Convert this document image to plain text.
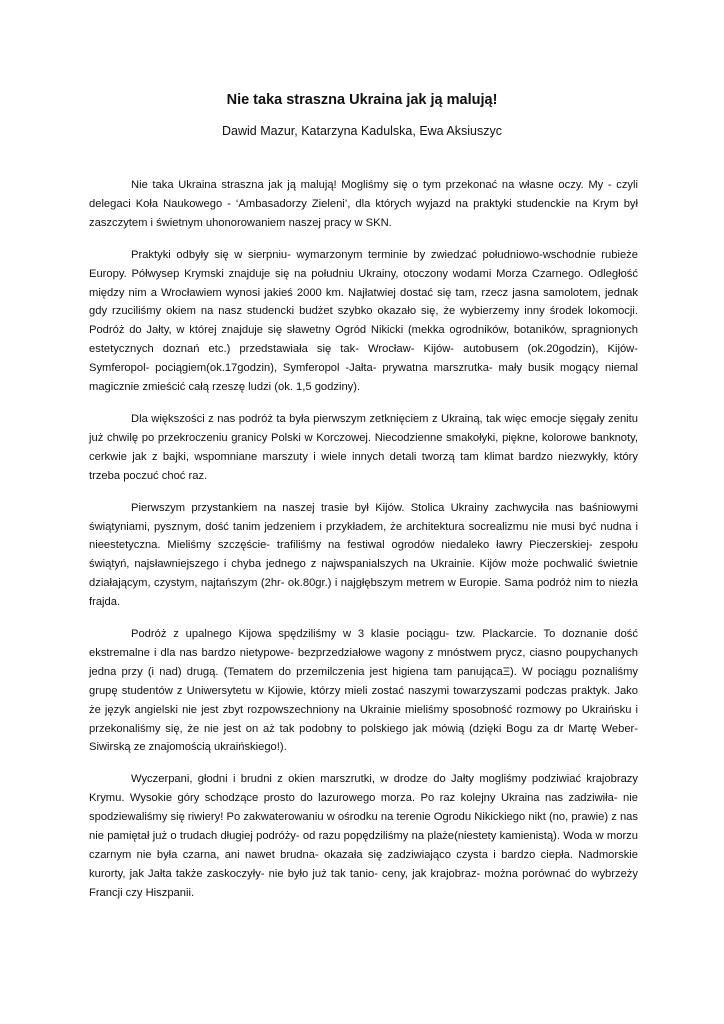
Nie taka straszna Ukraina jak ją malują!
Dawid Mazur, Katarzyna Kadulska, Ewa Aksiuszyc

Nie taka Ukraina straszna jak ją malują! Mogliśmy się o tym przekonać na własne oczy. My - czyli delegaci Koła Naukowego - ‘Ambasadorzy Zieleni’, dla których wyjazd na praktyki studenckie na Krym był zaszczytem i świetnym uhonorowaniem naszej pracy w SKN.

Praktyki odbyły się w sierpniu- wymarzonym terminie by zwiedzać południowo-wschodnie rubieże Europy. Półwysep Krymski znajduje się na południu Ukrainy, otoczony wodami Morza Czarnego. Odległość między nim a Wrocławiem wynosi jakieś 2000 km. Najłatwiej dostać się tam, rzecz jasna samolotem, jednak gdy rzuciliśmy okiem na nasz studencki budżet szybko okazało się, że wybierzemy inny środek lokomocji. Podróż do Jałty, w której znajduje się sławetny Ogród Nikicki (mekka ogrodników, botaników, spragnionych estetycznych doznań etc.) przedstawiała się tak- Wrocław- Kijów- autobusem (ok.20godzin), Kijów- Symferopol- pociągiem(ok.17godzin), Symferopol -Jałta- prywatna marszrutka- mały busik mogący niemal magicznie zmieścić całą rzeszę ludzi (ok. 1,5 godziny).

Dla większości z nas podróż ta była pierwszym zetknięciem z Ukrainą, tak więc emocje sięgały zenitu już chwilę po przekroczeniu granicy Polski w Korczowej. Niecodzienne smakołyki, piękne, kolorowe banknoty, cerkwie jak z bajki, wspomniane marszuty i wiele innych detali tworzą tam klimat bardzo niezwykły, który trzeba poczuć choć raz.

Pierwszym przystankiem na naszej trasie był Kijów. Stolica Ukrainy zachwyciła nas baśniowymi świątyniami, pysznym, dość tanim jedzeniem i przykładem, że architektura socrealizmu nie musi być nudna i nieestetyczna. Mieliśmy szczęście- trafiliśmy na festiwal ogrodów niedaleko ławry Pieczerskiej- zespołu świątyń, najsławniejszego i chyba jednego z najwspanialszych na Ukrainie. Kijów może pochwalić świetnie działającym, czystym, najtańszym (2hr- ok.80gr.) i najgłębszym metrem w Europie. Sama podróż nim to niezła frajda.

Podróż z upalnego Kijowa spędziliśmy w 3 klasie pociągu- tzw. Plackarcie. To doznanie dość ekstremalne i dla nas bardzo nietypowe- bezprzedziałowe wagony z mnóstwem prycz, ciasno poupychanych jedna przy (i nad) drugą. (Tematem do przemilczenia jest higiena tam panującaΞ). W pociągu poznaliśmy grupę studentów z Uniwersytetu w Kijowie, którzy mieli zostać naszymi towarzyszami podczas praktyk. Jako że język angielski nie jest zbyt rozpowszechniony na Ukrainie mieliśmy sposobność rozmowy po Ukraińsku i przekonaliśmy się, że nie jest on aż tak podobny to polskiego jak mówią (dzięki Bogu za dr Martę Weber- Siwirską ze znajomością ukraińskiego!).

Wyczerpani, głodni i brudni z okien marszrutki, w drodze do Jałty mogliśmy podziwiać krajobrazy Krymu. Wysokie góry schodzące prosto do lazurowego morza. Po raz kolejny Ukraina nas zadziwiła- nie spodziewaliśmy się riwiery! Po zakwaterowaniu w ośrodku na terenie Ogrodu Nikickiego nikt (no, prawie) z nas nie pamiętał już o trudach długiej podróży- od razu popędziliśmy na plaże(niestety kamienistą). Woda w morzu czarnym nie była czarna, ani nawet brudna- okazała się zadziwiająco czysta i bardzo ciepła. Nadmorskie kurorty, jak Jałta także zaskoczyły- nie było już tak tanio- ceny, jak krajobraz- można porównać do wybrzeży Francji czy Hiszpanii.
